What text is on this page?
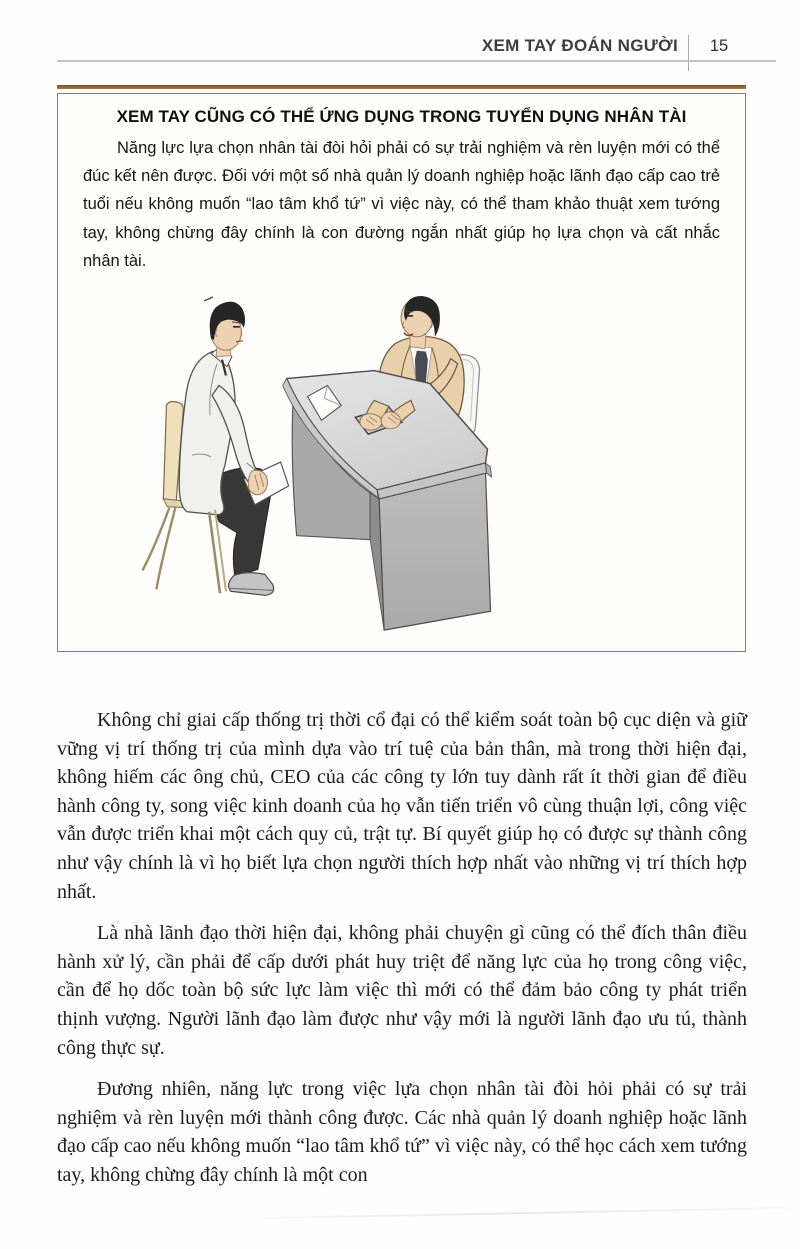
XEM TAY ĐOÁN NGƯỜI	15
XEM TAY CŨNG CÓ THỂ ỨNG DỤNG TRONG TUYỂN DỤNG NHÂN TÀI

Năng lực lựa chọn nhân tài đòi hỏi phải có sự trải nghiệm và rèn luyện mới có thể đúc kết nên được. Đối với một số nhà quản lý doanh nghiệp hoặc lãnh đạo cấp cao trẻ tuổi nếu không muốn “lao tâm khổ tứ” vì việc này, có thể tham khảo thuật xem tướng tay, không chừng đây chính là con đường ngắn nhất giúp họ lựa chọn và cất nhắc nhân tài.

Không chỉ giai cấp thống trị thời cổ đại có thể kiểm soát toàn bộ cục diện và giữ vững vị trí thống trị của mình dựa vào trí tuệ của bản thân, mà trong thời hiện đại, không hiếm các ông chủ, CEO của các công ty lớn tuy dành rất ít thời gian để điều hành công ty, song việc kinh doanh của họ vẫn tiến triển vô cùng thuận lợi, công việc vẫn được triển khai một cách quy củ, trật tự. Bí quyết giúp họ có được sự thành công như vậy chính là vì họ biết lựa chọn người thích hợp nhất vào những vị trí thích hợp nhất.

Là nhà lãnh đạo thời hiện đại, không phải chuyện gì cũng có thể đích thân điều hành xử lý, cần phải để cấp dưới phát huy triệt để năng lực của họ trong công việc, cần để họ dốc toàn bộ sức lực làm việc thì mới có thể đảm bảo công ty phát triển thịnh vượng. Người lãnh đạo làm được như vậy mới là người lãnh đạo ưu tú, thành công thực sự.

Đương nhiên, năng lực trong việc lựa chọn nhân tài đòi hỏi phải có sự trải nghiệm và rèn luyện mới thành công được. Các nhà quản lý doanh nghiệp hoặc lãnh đạo cấp cao nếu không muốn “lao tâm khổ tứ” vì việc này, có thể học cách xem tướng tay, không chừng đây chính là một con
